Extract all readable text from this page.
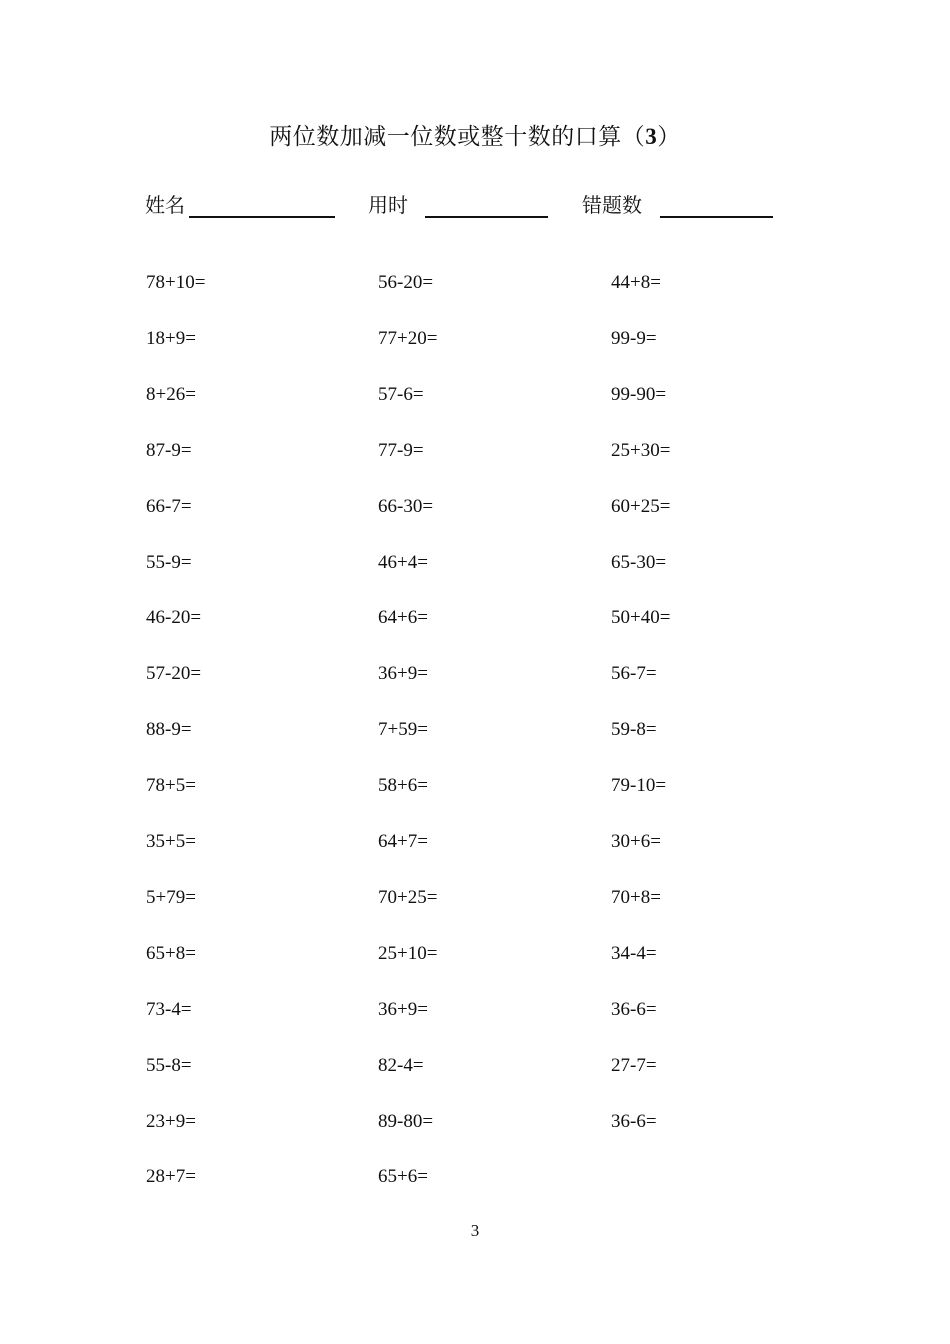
两位数加减一位数或整十数的口算（3）
姓名	用时	错题数
78+10=
18+9=
8+26=
87-9=
66-7=
55-9=
46-20=
57-20=
88-9=
78+5=
35+5=
5+79=
65+8=
73-4=
55-8=
23+9=
28+7=
56-20=
77+20=
57-6=
77-9=
66-30=
46+4=
64+6=
36+9=
7+59=
58+6=
64+7=
70+25=
25+10=
36+9=
82-4=
89-80=
65+6=
44+8=
99-9=
99-90=
25+30=
60+25=
65-30=
50+40=
56-7=
59-8=
79-10=
30+6=
70+8=
34-4=
36-6=
27-7=
36-6=
3
